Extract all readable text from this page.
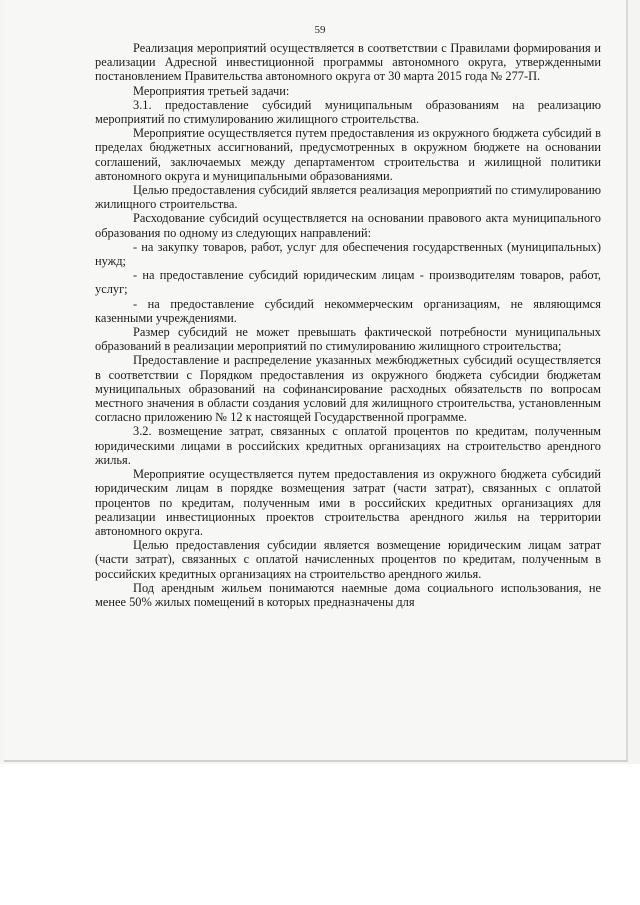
59

Реализация мероприятий осуществляется в соответствии с Правилами формирования и реализации Адресной инвестиционной программы автономного округа, утвержденными постановлением Правительства автономного округа от 30 марта 2015 года № 277-П.

Мероприятия третьей задачи:

3.1. предоставление субсидий муниципальным образованиям на реализацию мероприятий по стимулированию жилищного строительства.

Мероприятие осуществляется путем предоставления из окружного бюджета субсидий в пределах бюджетных ассигнований, предусмотренных в окружном бюджете на основании соглашений, заключаемых между департаментом строительства и жилищной политики автономного округа и муниципальными образованиями.

Целью предоставления субсидий является реализация мероприятий по стимулированию жилищного строительства.

Расходование субсидий осуществляется на основании правового акта муниципального образования по одному из следующих направлений:

- на закупку товаров, работ, услуг для обеспечения государственных (муниципальных) нужд;

- на предоставление субсидий юридическим лицам - производителям товаров, работ, услуг;

- на предоставление субсидий некоммерческим организациям, не являющимся казенными учреждениями.

Размер субсидий не может превышать фактической потребности муниципальных образований в реализации мероприятий по стимулированию жилищного строительства;

Предоставление и распределение указанных межбюджетных субсидий осуществляется в соответствии с Порядком предоставления из окружного бюджета субсидии бюджетам муниципальных образований на софинансирование расходных обязательств по вопросам местного значения в области создания условий для жилищного строительства, установленным согласно приложению № 12 к настоящей Государственной программе.

3.2. возмещение затрат, связанных с оплатой процентов по кредитам, полученным юридическими лицами в российских кредитных организациях на строительство арендного жилья.

Мероприятие осуществляется путем предоставления из окружного бюджета субсидий юридическим лицам в порядке возмещения затрат (части затрат), связанных с оплатой процентов по кредитам, полученным ими в российских кредитных организациях для реализации инвестиционных проектов строительства арендного жилья на территории автономного округа.

Целью предоставления субсидии является возмещение юридическим лицам затрат (части затрат), связанных с оплатой начисленных процентов по кредитам, полученным в российских кредитных организациях на строительство арендного жилья.

Под арендным жильем понимаются наемные дома социального использования, не менее 50% жилых помещений в которых предназначены для
